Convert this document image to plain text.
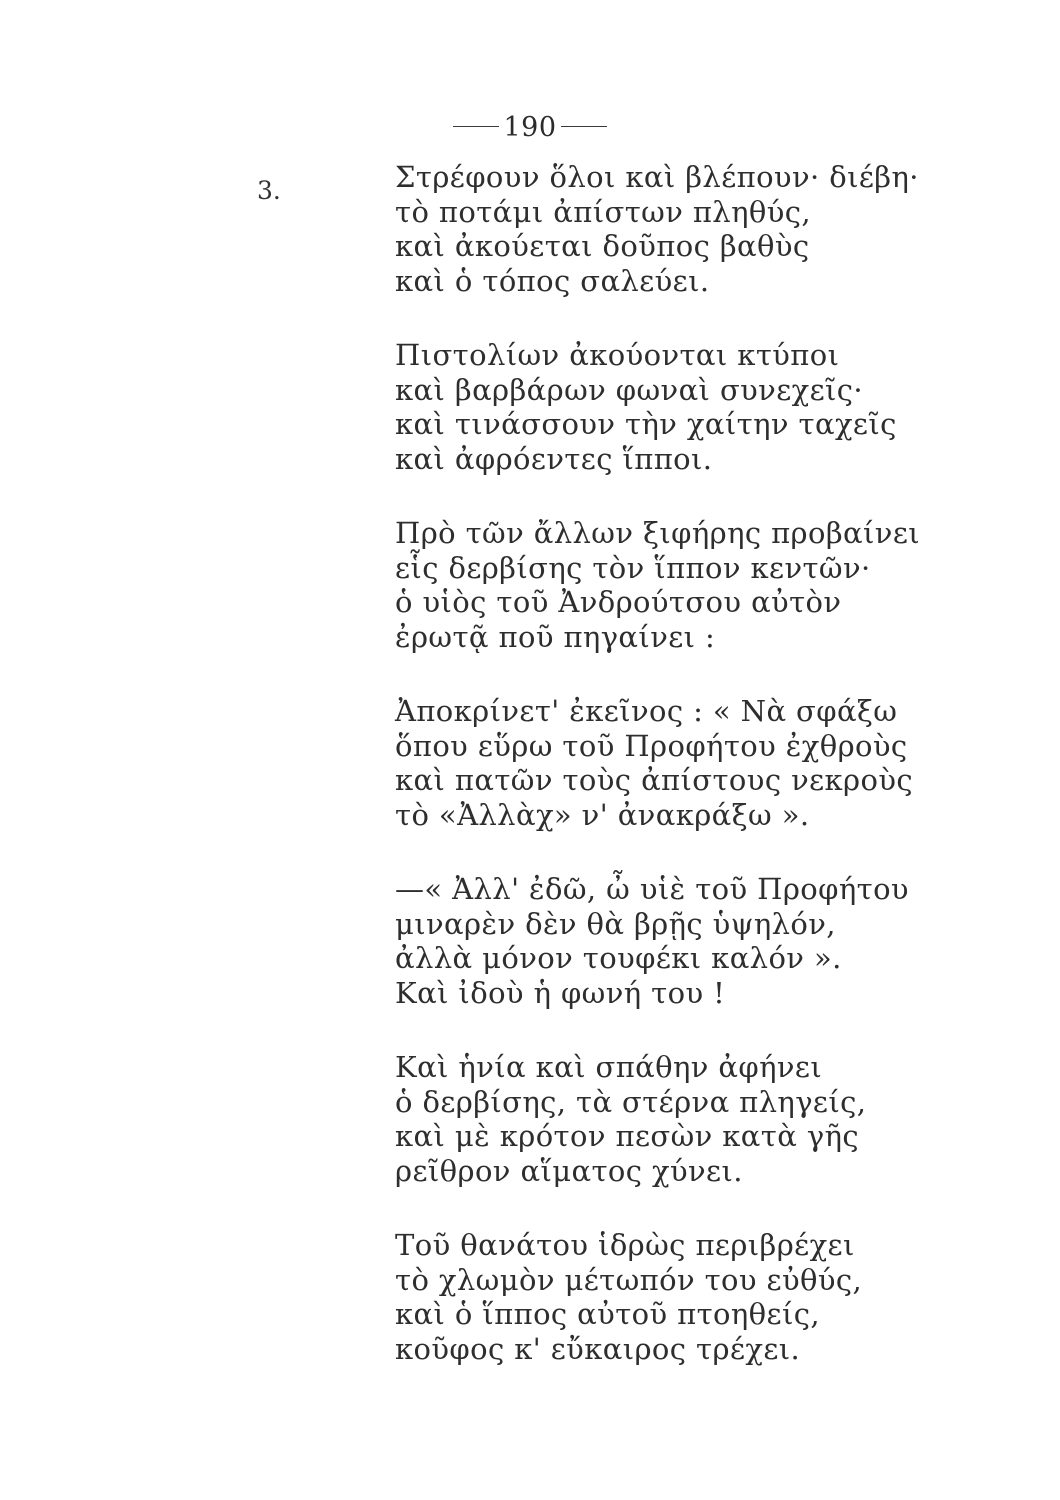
190
3.	Στρέφουν ὅλοι καὶ βλέπουν· διέβη·
τὸ ποτάμι ἀπίστων πληθύς,
καὶ ἀκούεται δοῦπος βαθὺς
καὶ ὁ τόπος σαλεύει.
Πιστολίων ἀκούονται κτύποι
καὶ βαρβάρων φωναὶ συνεχεῖς·
καὶ τινάσσουν τὴν χαίτην ταχεῖς
καὶ ἀφρόεντες ἵπποι.
Πρὸ τῶν ἄλλων ξιφήρης προβαίνει
εἷς δερβίσης τὸν ἵππον κεντῶν·
ὁ υἱὸς τοῦ Ἀνδρούτσου αὐτὸν
ἐρωτᾷ ποῦ πηγαίνει :
Ἀποκρίνετ' ἐκεῖνος : « Νὰ σφάξω
ὅπου εὕρω τοῦ Προφήτου ἐχθροὺς
καὶ πατῶν τοὺς ἀπίστους νεκροὺς
τὸ «Ἀλλὰχ» ν' ἀνακράξω ».
—« Ἀλλ' ἐδῶ, ὦ υἱὲ τοῦ Προφήτου
μιναρὲν δὲν θὰ βρῇς ὑψηλόν,
ἀλλὰ μόνον τουφέκι καλόν ».
Καὶ ἰδοὺ ἡ φωνή του !
Καὶ ἡνία καὶ σπάθην ἀφήνει
ὁ δερβίσης, τὰ στέρνα πληγείς,
καὶ μὲ κρότον πεσὼν κατὰ γῆς
ρεῖθρον αἵματος χύνει.
Τοῦ θανάτου ἱδρὼς περιβρέχει
τὸ χλωμὸν μέτωπόν του εὐθύς,
καὶ ὁ ἵππος αὐτοῦ πτοηθείς,
κοῦφος κ' εὔκαιρος τρέχει.
